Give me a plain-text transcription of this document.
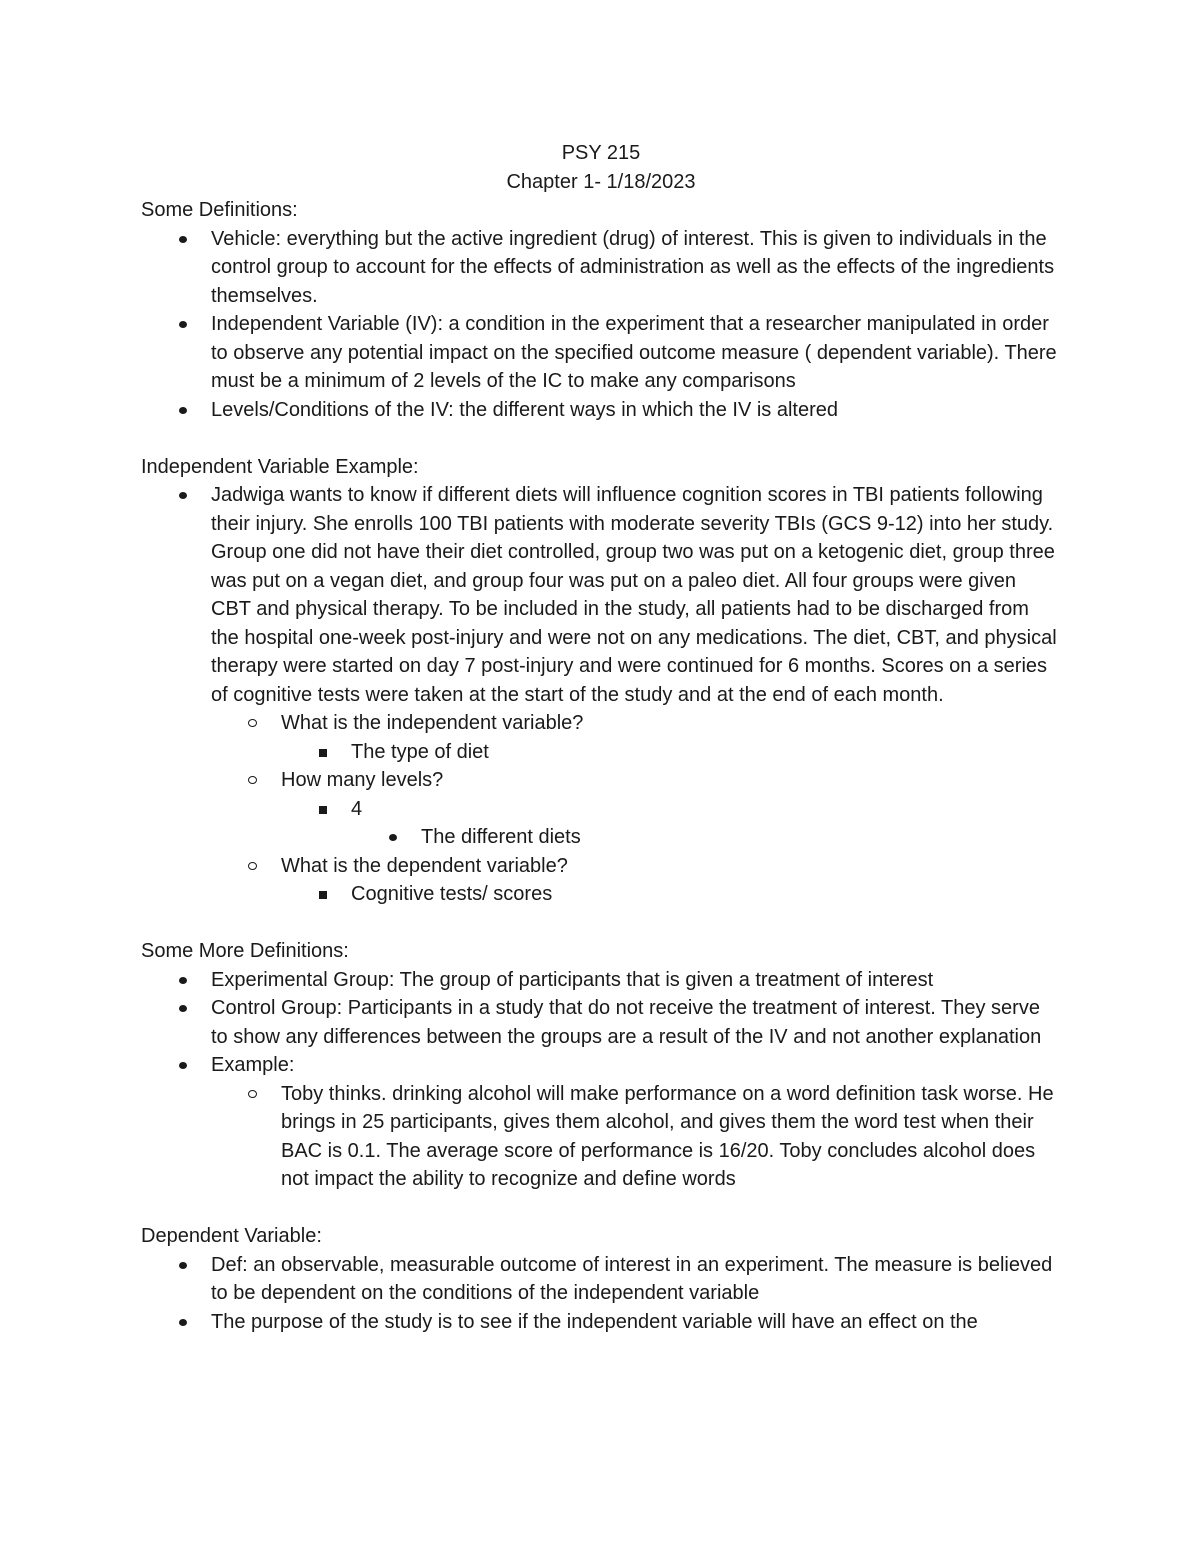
PSY 215
Chapter 1- 1/18/2023
Some Definitions:
Vehicle: everything but the active ingredient (drug) of interest. This is given to individuals in the control group to account for the effects of administration as well as the effects of the ingredients themselves.
Independent Variable (IV): a condition in the experiment that a researcher manipulated in order to observe any potential impact on the specified outcome measure ( dependent variable). There must be a minimum of 2 levels of the IC to make any comparisons
Levels/Conditions of the IV: the different ways in which the IV is altered
Independent Variable Example:
Jadwiga wants to know if different diets will influence cognition scores in TBI patients following their injury. She enrolls 100 TBI patients with moderate severity TBIs (GCS 9-12) into her study. Group one did not have their diet controlled, group two was put on a ketogenic diet, group three was put on a vegan diet, and group four was put on a paleo diet. All four groups were given CBT and physical therapy. To be included in the study, all patients had to be discharged from the hospital one-week post-injury and were not on any medications. The diet, CBT, and physical therapy were started on day 7 post-injury and were continued for 6 months. Scores on a series of cognitive tests were taken at the start of the study and at the end of each month.
What is the independent variable?
The type of diet
How many levels?
4
The different diets
What is the dependent variable?
Cognitive tests/ scores
Some More Definitions:
Experimental Group: The group of participants that is given a treatment of interest
Control Group: Participants in a study that do not receive the treatment of interest. They serve to show any differences between the groups are a result of the IV and not another explanation
Example:
Toby thinks. drinking alcohol will make performance on a word definition task worse. He brings in 25 participants, gives them alcohol, and gives them the word test when their BAC is 0.1. The average score of performance is 16/20. Toby concludes alcohol does not impact the ability to recognize and define words
Dependent Variable:
Def: an observable, measurable outcome of interest in an experiment. The measure is believed to be dependent on the conditions of the independent variable
The purpose of the study is to see if the independent variable will have an effect on the
